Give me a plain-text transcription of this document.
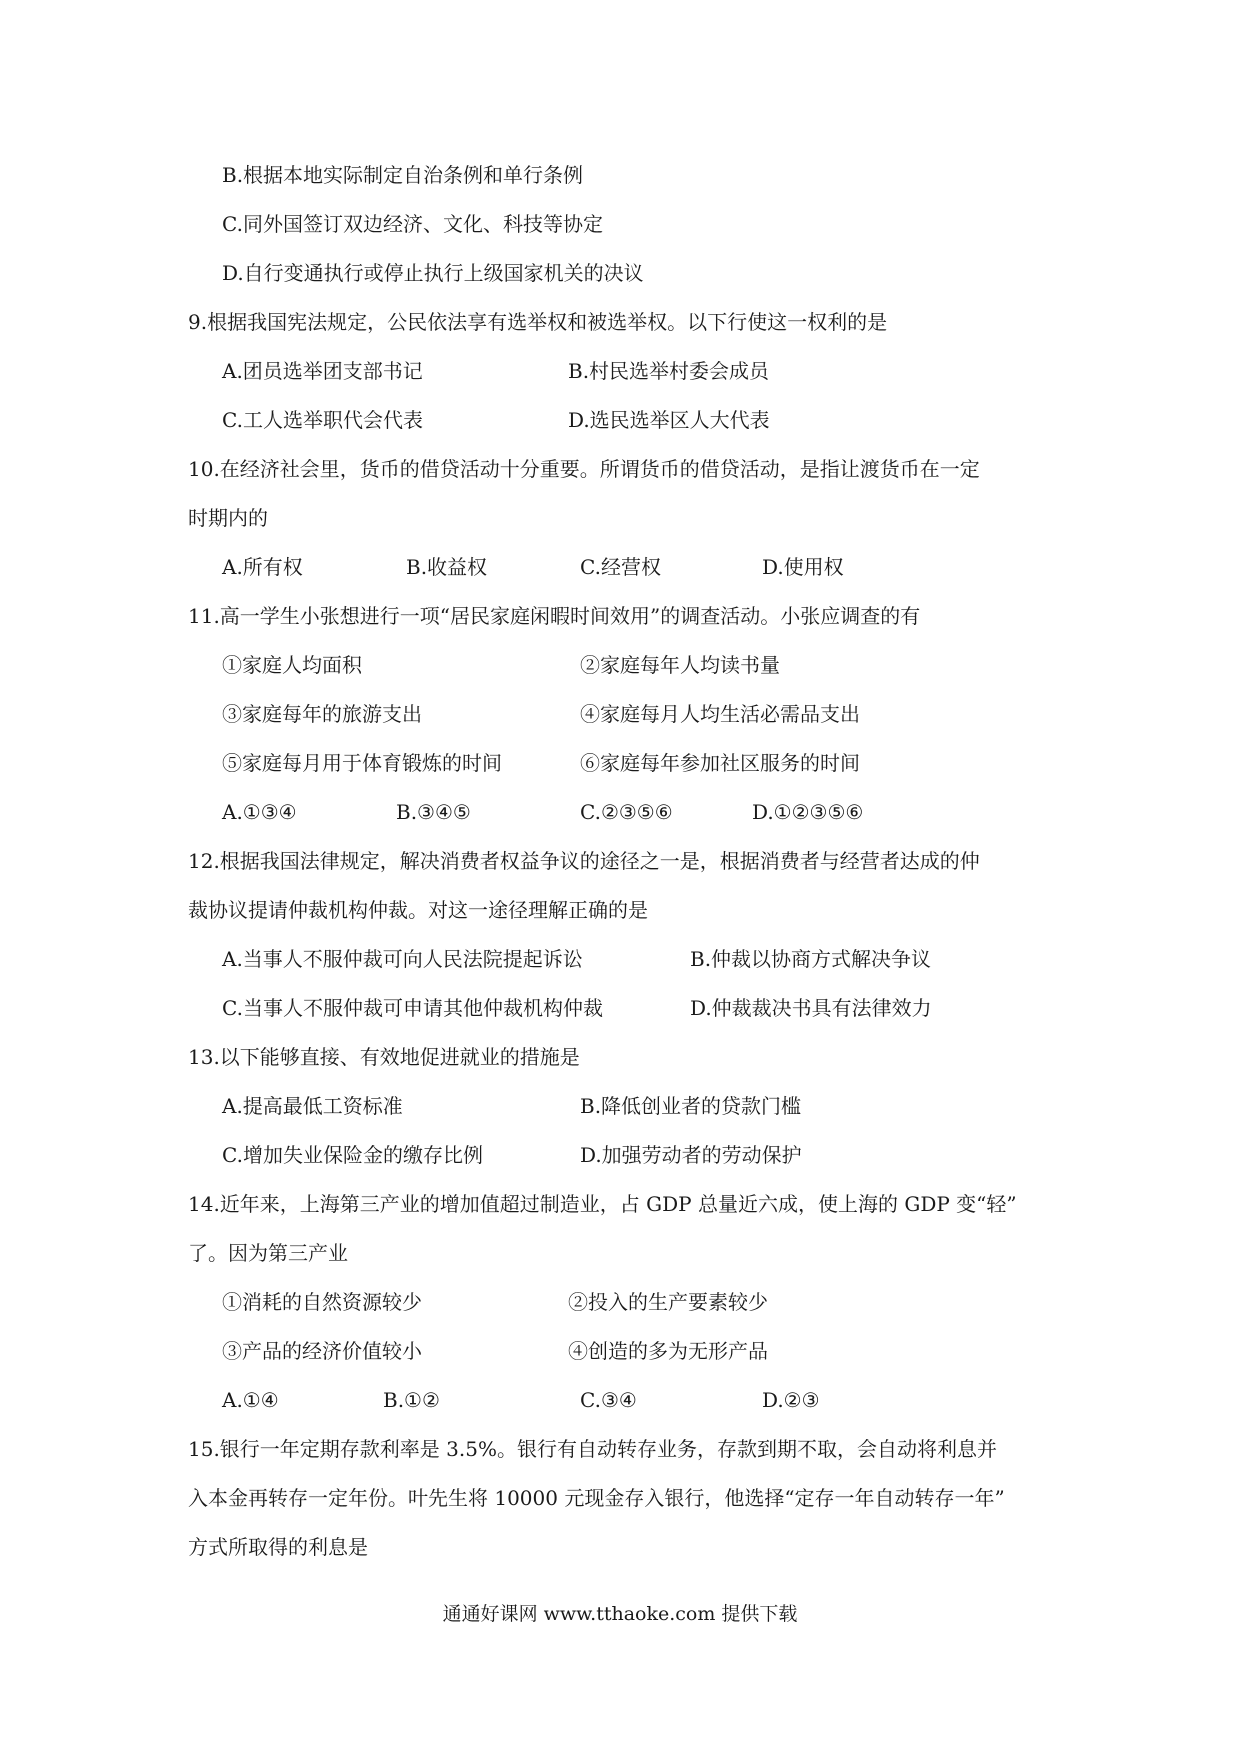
B.根据本地实际制定自治条例和单行条例
C.同外国签订双边经济、文化、科技等协定
D.自行变通执行或停止执行上级国家机关的决议
9.根据我国宪法规定，公民依法享有选举权和被选举权。以下行使这一权利的是
A.团员选举团支部书记	B.村民选举村委会成员
C.工人选举职代会代表	D.选民选举区人大代表
10.在经济社会里，货币的借贷活动十分重要。所谓货币的借贷活动，是指让渡货币在一定
时期内的
A.所有权	B.收益权	C.经营权	D.使用权
11.高一学生小张想进行一项“居民家庭闲暇时间效用”的调查活动。小张应调查的有
①家庭人均面积	②家庭每年人均读书量
③家庭每年的旅游支出	④家庭每月人均生活必需品支出
⑤家庭每月用于体育锻炼的时间	⑥家庭每年参加社区服务的时间
A.①③④	B.③④⑤	C.②③⑤⑥	D.①②③⑤⑥
12.根据我国法律规定，解决消费者权益争议的途径之一是，根据消费者与经营者达成的仲
裁协议提请仲裁机构仲裁。对这一途径理解正确的是
A.当事人不服仲裁可向人民法院提起诉讼	B.仲裁以协商方式解决争议
C.当事人不服仲裁可申请其他仲裁机构仲裁	D.仲裁裁决书具有法律效力
13.以下能够直接、有效地促进就业的措施是
A.提高最低工资标准	B.降低创业者的贷款门槛
C.增加失业保险金的缴存比例	D.加强劳动者的劳动保护
14.近年来，上海第三产业的增加值超过制造业，占 GDP 总量近六成，使上海的 GDP 变“轻”
了。因为第三产业
①消耗的自然资源较少	②投入的生产要素较少
③产品的经济价值较小	④创造的多为无形产品
A.①④	B.①②	C.③④	D.②③
15.银行一年定期存款利率是 3.5%。银行有自动转存业务，存款到期不取，会自动将利息并
入本金再转存一定年份。叶先生将 10000 元现金存入银行，他选择“定存一年自动转存一年”
方式所取得的利息是
通通好课网 www.tthaoke.com 提供下载
